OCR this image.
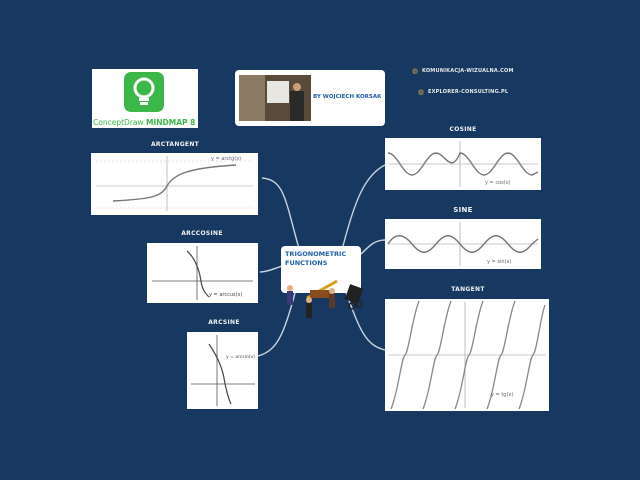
ConceptDraw MINDMAP 8
BY WOJCIECH KORSAK
◍ KOMUNIKACJA-WIZUALNA.COM
◍ EXPLORER-CONSULTING.PL
TRIGONOMETRIC FUNCTIONS
ARCTANGENT
y = arctg(x)
ARCCOSINE
y = arccus(x)
ARCSINE
y = arcsin(x)
COSINE
y = cos(x)
SINE
y = sin(x)
TANGENT
y = tg(x)
